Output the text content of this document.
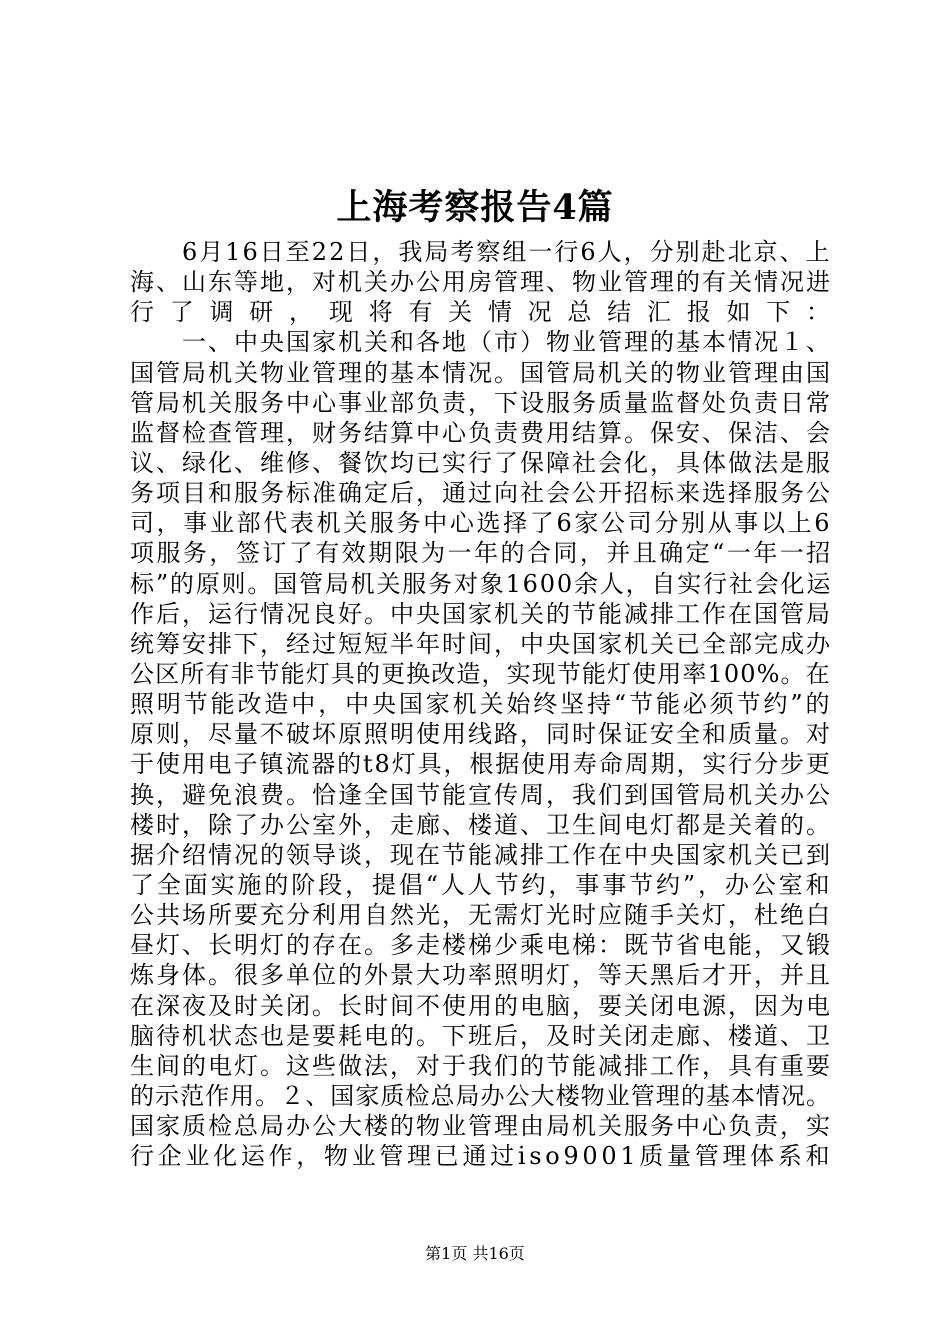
上海考察报告4篇
　　6月16日至22日，我局考察组一行6人，分别赴北京、上
海、山东等地，对机关办公用房管理、物业管理的有关情况进
行了调研，现将有关情况总结汇报如下：
　　一、中央国家机关和各地（市）物业管理的基本情况１、
国管局机关物业管理的基本情况。国管局机关的物业管理由国
管局机关服务中心事业部负责，下设服务质量监督处负责日常
监督检查管理，财务结算中心负责费用结算。保安、保洁、会
议、绿化、维修、餐饮均已实行了保障社会化，具体做法是服
务项目和服务标准确定后，通过向社会公开招标来选择服务公
司，事业部代表机关服务中心选择了6家公司分别从事以上6
项服务，签订了有效期限为一年的合同，并且确定“一年一招
标”的原则。国管局机关服务对象1600余人，自实行社会化运
作后，运行情况良好。中央国家机关的节能减排工作在国管局
统筹安排下，经过短短半年时间，中央国家机关已全部完成办
公区所有非节能灯具的更换改造，实现节能灯使用率100%。在
照明节能改造中，中央国家机关始终坚持“节能必须节约”的
原则，尽量不破坏原照明使用线路，同时保证安全和质量。对
于使用电子镇流器的t8灯具，根据使用寿命周期，实行分步更
换，避免浪费。恰逢全国节能宣传周，我们到国管局机关办公
楼时，除了办公室外，走廊、楼道、卫生间电灯都是关着的。
据介绍情况的领导谈，现在节能减排工作在中央国家机关已到
了全面实施的阶段，提倡“人人节约，事事节约”，办公室和
公共场所要充分利用自然光，无需灯光时应随手关灯，杜绝白
昼灯、长明灯的存在。多走楼梯少乘电梯：既节省电能，又锻
炼身体。很多单位的外景大功率照明灯，等天黑后才开，并且
在深夜及时关闭。长时间不使用的电脑，要关闭电源，因为电
脑待机状态也是要耗电的。下班后，及时关闭走廊、楼道、卫
生间的电灯。这些做法，对于我们的节能减排工作，具有重要
的示范作用。２、国家质检总局办公大楼物业管理的基本情况。
国家质检总局办公大楼的物业管理由局机关服务中心负责，实
行企业化运作，物业管理已通过iso9001质量管理体系和
第1页 共16页
